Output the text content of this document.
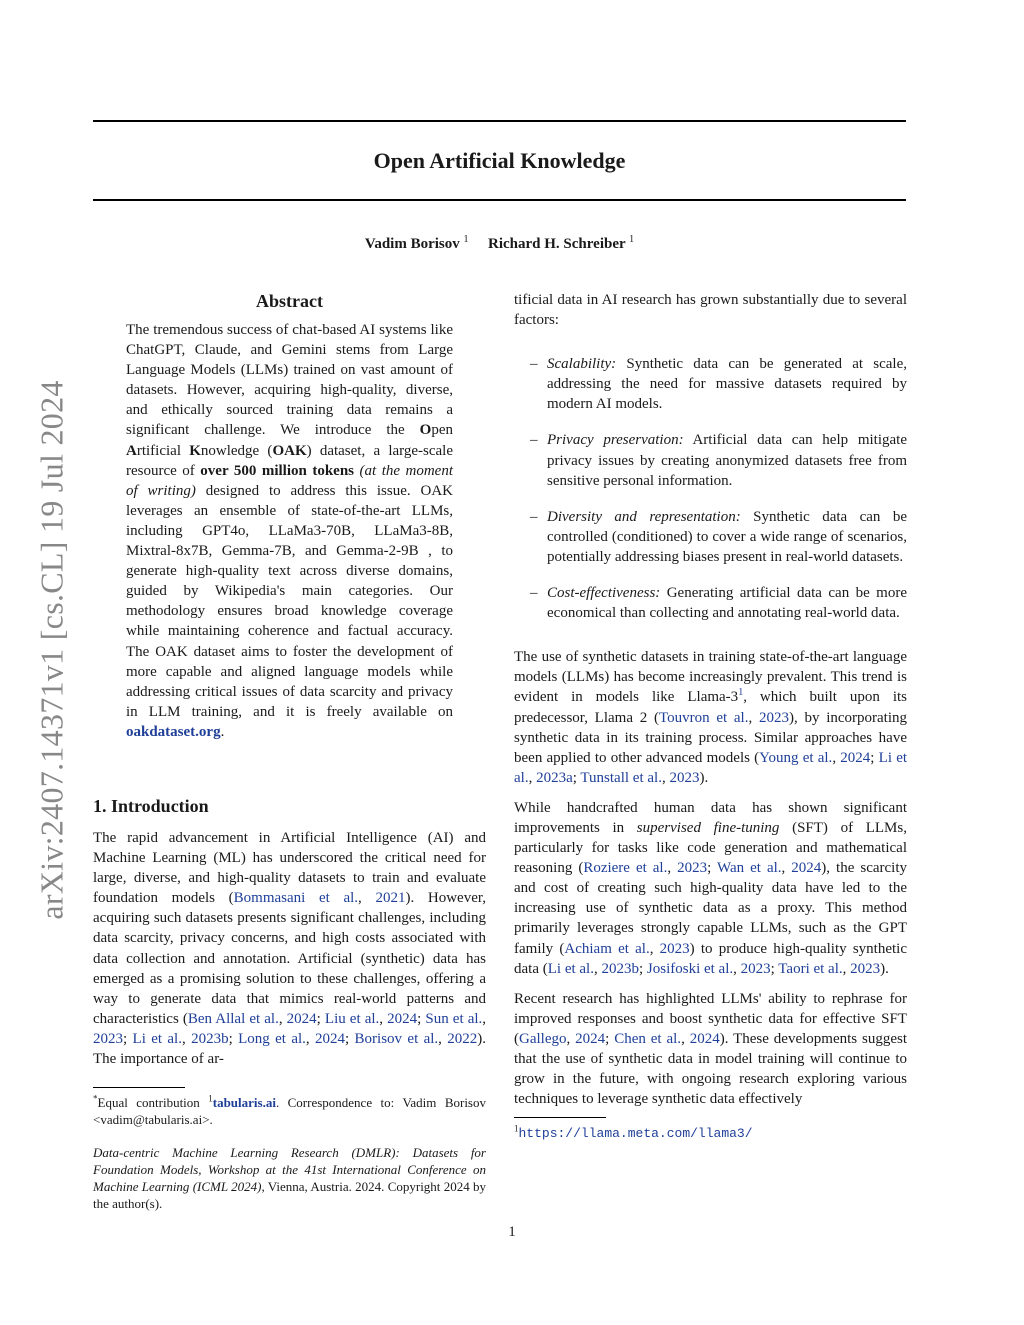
Open Artificial Knowledge
Vadim Borisov $^1$ Richard H. Schreiber $^1$
arXiv:2407.14371v1 [cs.CL] 19 Jul 2024
Abstract

The tremendous success of chat-based AI systems like ChatGPT, Claude, and Gemini stems from Large Language Models (LLMs) trained on vast amount of datasets. However, acquiring high-quality, diverse, and ethically sourced training data remains a significant challenge. We introduce the Open Artificial Knowledge (OAK) dataset, a large-scale resource of over 500 million tokens (at the moment of writing) designed to address this issue. OAK leverages an ensemble of state-of-the-art LLMs, including GPT4o, LLaMa3-70B, LLaMa3-8B, Mixtral-8x7B, Gemma-7B, and Gemma-2-9B , to generate high-quality text across diverse domains, guided by Wikipedia's main categories. Our methodology ensures broad knowledge coverage while maintaining coherence and factual accuracy. The OAK dataset aims to foster the development of more capable and aligned language models while addressing critical issues of data scarcity and privacy in LLM training, and it is freely available on oakdataset.org.

1. Introduction

The rapid advancement in Artificial Intelligence (AI) and Machine Learning (ML) has underscored the critical need for large, diverse, and high-quality datasets to train and evaluate foundation models (Bommasani et al., 2021). However, acquiring such datasets presents significant challenges, including data scarcity, privacy concerns, and high costs associated with data collection and annotation. Artificial (synthetic) data has emerged as a promising solution to these challenges, offering a way to generate data that mimics real-world patterns and characteristics (Ben Allal et al., 2024; Liu et al., 2024; Sun et al., 2023; Li et al., 2023b; Long et al., 2024; Borisov et al., 2022). The importance of ar-

*Equal contribution $^1$tabularis.ai. Correspondence to: Vadim Borisov <vadim@tabularis.ai>.

Data-centric Machine Learning Research (DMLR): Datasets for Foundation Models, Workshop at the 41st International Conference on Machine Learning (ICML 2024), Vienna, Austria. 2024. Copyright 2024 by the author(s).

tificial data in AI research has grown substantially due to several factors:

– Scalability: Synthetic data can be generated at scale, addressing the need for massive datasets required by modern AI models.
– Privacy preservation: Artificial data can help mitigate privacy issues by creating anonymized datasets free from sensitive personal information.
– Diversity and representation: Synthetic data can be controlled (conditioned) to cover a wide range of scenarios, potentially addressing biases present in real-world datasets.
– Cost-effectiveness: Generating artificial data can be more economical than collecting and annotating real-world data.

The use of synthetic datasets in training state-of-the-art language models (LLMs) has become increasingly prevalent. This trend is evident in models like Llama-3$^1$, which built upon its predecessor, Llama 2 (Touvron et al., 2023), by incorporating synthetic data in its training process. Similar approaches have been applied to other advanced models (Young et al., 2024; Li et al., 2023a; Tunstall et al., 2023).

While handcrafted human data has shown significant improvements in supervised fine-tuning (SFT) of LLMs, particularly for tasks like code generation and mathematical reasoning (Roziere et al., 2023; Wan et al., 2024), the scarcity and cost of creating such high-quality data have led to the increasing use of synthetic data as a proxy. This method primarily leverages strongly capable LLMs, such as the GPT family (Achiam et al., 2023) to produce high-quality synthetic data (Li et al., 2023b; Josifoski et al., 2023; Taori et al., 2023).

Recent research has highlighted LLMs' ability to rephrase for improved responses and boost synthetic data for effective SFT (Gallego, 2024; Chen et al., 2024). These developments suggest that the use of synthetic data in model training will continue to grow in the future, with ongoing research exploring various techniques to leverage synthetic data effectively

$^1$https://llama.meta.com/llama3/

1
